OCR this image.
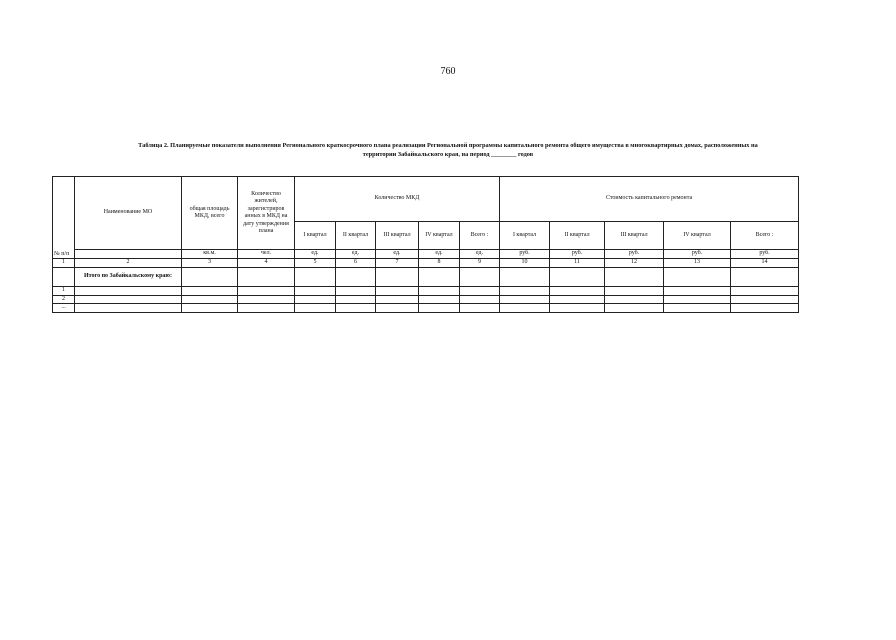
760
Таблица 2. Планируемые показатели выполнения Регионального краткосрочного плана реализации Региональной программы капитального ремонта общего имущества в многоквартирных домах, расположенных на
территории Забайкальского края, на период ________ годов
№ п/п	Наименование МО	общая площадь МКД, всего	Количество жителей, зарегистриров анных в МКД на дату утверждения плана	Количество МКД					Стоимость капитального ремонта				
				I квартал	II квартал	III квартал	IV квартал	Всего :	I квартал	II квартал	III квартал	IV квартал	Всего :
		кв.м.	чел.	ед.	ед.	ед.	ед.	ед.	руб.	руб.	руб.	руб.	руб.
1	2	3	4	5	6	7	8	9	10	11	12	13	14
	Итого по Забайкальскому краю:												
1													
2													
...													
